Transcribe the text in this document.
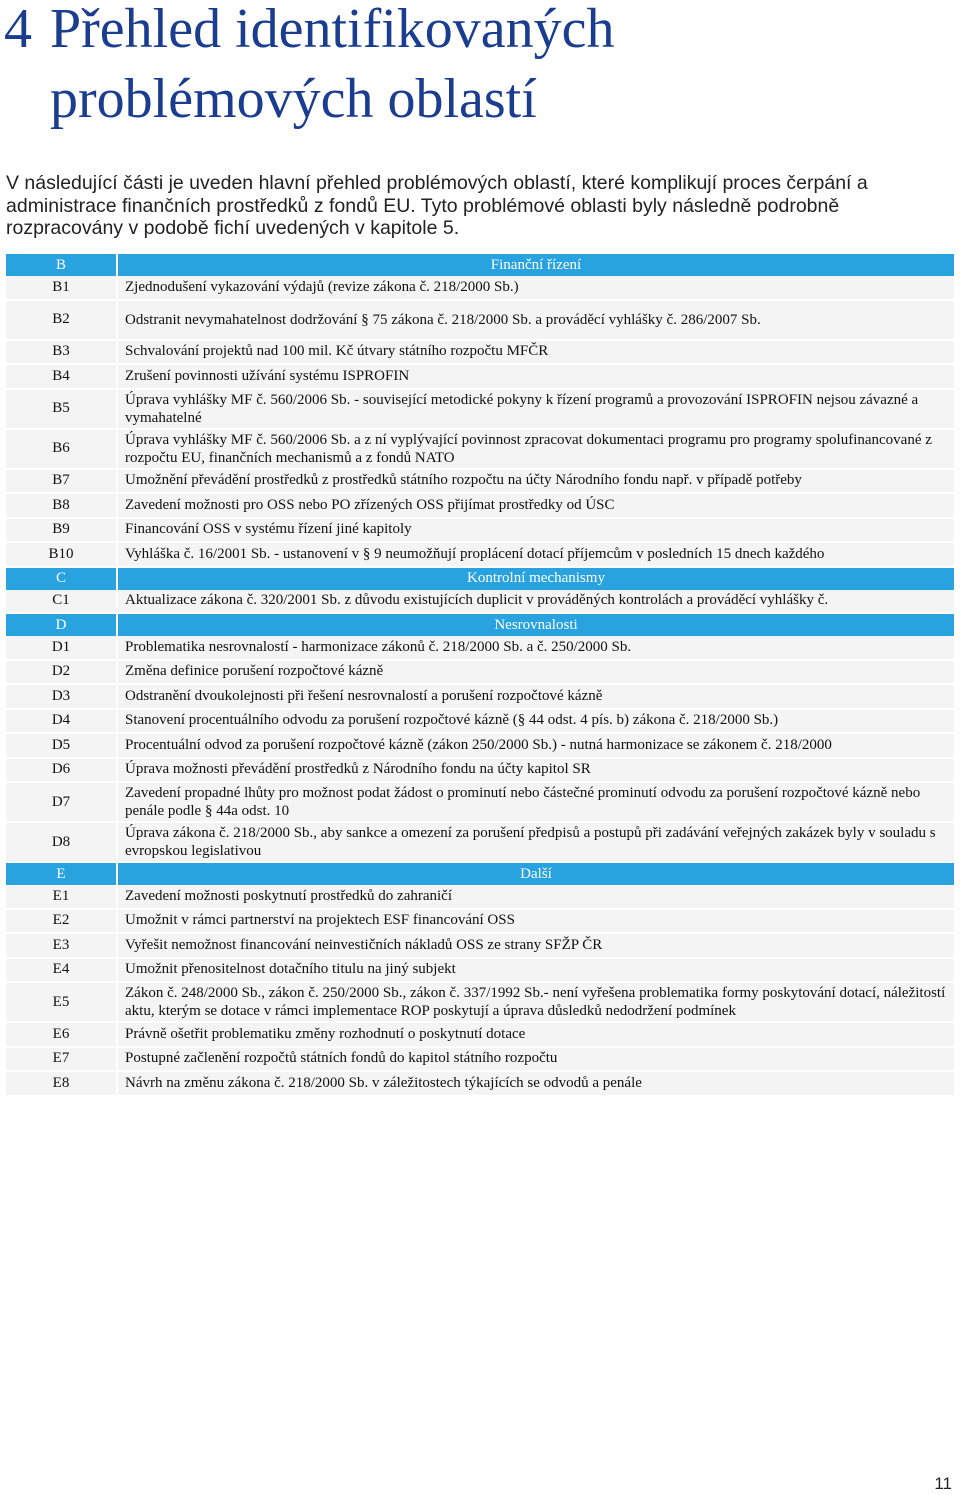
4 Přehled identifikovaných
problémových oblastí

V následující části je uveden hlavní přehled problémových oblastí, které komplikují proces čerpání a administrace finančních prostředků z fondů EU. Tyto problémové oblasti byly následně podrobně rozpracovány v podobě fichí uvedených v kapitole 5.

B		Finanční řízení
B1		Zjednodušení vykazování výdajů (revize zákona č. 218/2000 Sb.)
B2		Odstranit nevymahatelnost dodržování § 75 zákona č. 218/2000 Sb. a prováděcí vyhlášky č. 286/2007 Sb.
B3		Schvalování projektů nad 100 mil. Kč útvary státního rozpočtu MFČR
B4		Zrušení povinnosti užívání systému ISPROFIN
B5		Úprava vyhlášky MF č. 560/2006 Sb. - související metodické pokyny k řízení programů a provozování ISPROFIN nejsou závazné a vymahatelné
B6		Úprava vyhlášky MF č. 560/2006 Sb. a z ní vyplývající povinnost zpracovat dokumentaci programu pro programy spolufinancované z rozpočtu EU, finančních mechanismů a z fondů NATO
B7		Umožnění převádění prostředků z prostředků státního rozpočtu na účty Národního fondu např. v případě potřeby
B8		Zavedení možnosti pro OSS nebo PO zřízených OSS přijímat prostředky od ÚSC
B9		Financování OSS v systému řízení jiné kapitoly
B10		Vyhláška č. 16/2001 Sb. - ustanovení v § 9 neumožňují proplácení dotací příjemcům v posledních 15 dnech každého
C		Kontrolní mechanismy
C1		Aktualizace zákona č. 320/2001 Sb. z důvodu existujících duplicit v prováděných kontrolách a prováděcí vyhlášky č.
D		Nesrovnalosti
D1		Problematika nesrovnalostí - harmonizace zákonů č. 218/2000 Sb. a č. 250/2000 Sb.
D2		Změna definice porušení rozpočtové kázně
D3		Odstranění dvoukolejnosti při řešení nesrovnalostí a porušení rozpočtové kázně
D4		Stanovení procentuálního odvodu za porušení rozpočtové kázně (§ 44 odst. 4 pís. b) zákona č. 218/2000 Sb.)
D5		Procentuální odvod za porušení rozpočtové kázně (zákon 250/2000 Sb.) - nutná harmonizace se zákonem č. 218/2000
D6		Úprava možnosti převádění prostředků z Národního fondu na účty kapitol SR
D7		Zavedení propadné lhůty pro možnost podat žádost o prominutí nebo částečné prominutí odvodu za porušení rozpočtové kázně nebo penále podle § 44a odst. 10
D8		Úprava zákona č. 218/2000 Sb., aby sankce a omezení za porušení předpisů a postupů při zadávání veřejných zakázek byly v souladu s evropskou legislativou
E		Další
E1		Zavedení možnosti poskytnutí prostředků do zahraničí
E2		Umožnit v rámci partnerství na projektech ESF financování OSS
E3		Vyřešit nemožnost financování neinvestičních nákladů OSS ze strany SFŽP ČR
E4		Umožnit přenositelnost dotačního titulu na jiný subjekt
E5		Zákon č. 248/2000 Sb., zákon č. 250/2000 Sb., zákon č. 337/1992 Sb.- není vyřešena problematika formy poskytování dotací, náležitostí aktu, kterým se dotace v rámci implementace ROP poskytují a úprava důsledků nedodržení podmínek
E6		Právně ošetřit problematiku změny rozhodnutí o poskytnutí dotace
E7		Postupné začlenění rozpočtů státních fondů do kapitol státního rozpočtu
E8		Návrh na změnu zákona č. 218/2000 Sb. v záležitostech týkajících se odvodů a penále
11
